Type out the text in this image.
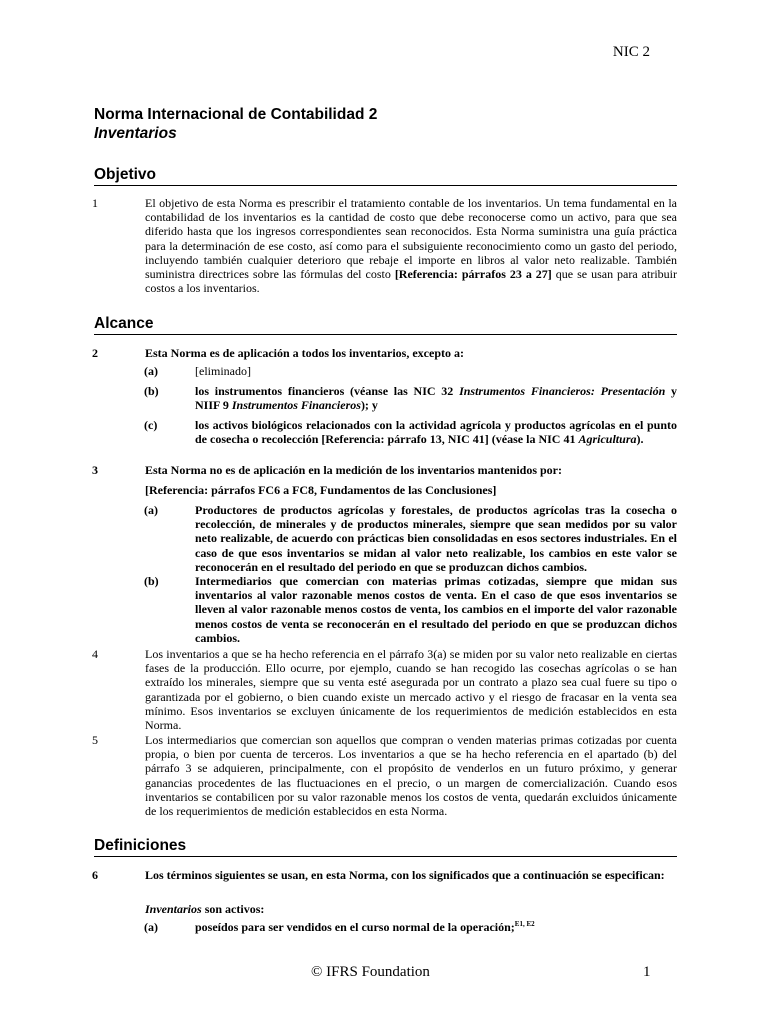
NIC 2
Norma Internacional de Contabilidad 2
Inventarios
Objetivo
1	El objetivo de esta Norma es prescribir el tratamiento contable de los inventarios. Un tema fundamental en la contabilidad de los inventarios es la cantidad de costo que debe reconocerse como un activo, para que sea diferido hasta que los ingresos correspondientes sean reconocidos. Esta Norma suministra una guía práctica para la determinación de ese costo, así como para el subsiguiente reconocimiento como un gasto del periodo, incluyendo también cualquier deterioro que rebaje el importe en libros al valor neto realizable. También suministra directrices sobre las fórmulas del costo [Referencia: párrafos 23 a 27] que se usan para atribuir costos a los inventarios.
Alcance
2	Esta Norma es de aplicación a todos los inventarios, excepto a:
(a)	[eliminado]
(b)	los instrumentos financieros (véanse las NIC 32 Instrumentos Financieros: Presentación y NIIF 9 Instrumentos Financieros); y
(c)	los activos biológicos relacionados con la actividad agrícola y productos agrícolas en el punto de cosecha o recolección [Referencia: párrafo 13, NIC 41] (véase la NIC 41 Agricultura).
3	Esta Norma no es de aplicación en la medición de los inventarios mantenidos por:
[Referencia: párrafos FC6 a FC8, Fundamentos de las Conclusiones]
(a)	Productores de productos agrícolas y forestales, de productos agrícolas tras la cosecha o recolección, de minerales y de productos minerales, siempre que sean medidos por su valor neto realizable, de acuerdo con prácticas bien consolidadas en esos sectores industriales. En el caso de que esos inventarios se midan al valor neto realizable, los cambios en este valor se reconocerán en el resultado del periodo en que se produzcan dichos cambios.
(b)	Intermediarios que comercian con materias primas cotizadas, siempre que midan sus inventarios al valor razonable menos costos de venta. En el caso de que esos inventarios se lleven al valor razonable menos costos de venta, los cambios en el importe del valor razonable menos costos de venta se reconocerán en el resultado del periodo en que se produzcan dichos cambios.
4	Los inventarios a que se ha hecho referencia en el párrafo 3(a) se miden por su valor neto realizable en ciertas fases de la producción. Ello ocurre, por ejemplo, cuando se han recogido las cosechas agrícolas o se han extraído los minerales, siempre que su venta esté asegurada por un contrato a plazo sea cual fuere su tipo o garantizada por el gobierno, o bien cuando existe un mercado activo y el riesgo de fracasar en la venta sea mínimo. Esos inventarios se excluyen únicamente de los requerimientos de medición establecidos en esta Norma.
5	Los intermediarios que comercian son aquellos que compran o venden materias primas cotizadas por cuenta propia, o bien por cuenta de terceros. Los inventarios a que se ha hecho referencia en el apartado (b) del párrafo 3 se adquieren, principalmente, con el propósito de venderlos en un futuro próximo, y generar ganancias procedentes de las fluctuaciones en el precio, o un margen de comercialización. Cuando esos inventarios se contabilicen por su valor razonable menos los costos de venta, quedarán excluidos únicamente de los requerimientos de medición establecidos en esta Norma.
Definiciones
6	Los términos siguientes se usan, en esta Norma, con los significados que a continuación se especifican:
Inventarios son activos:
(a)	poseídos para ser vendidos en el curso normal de la operación;$^{E1, E2}$
© IFRS Foundation	1
